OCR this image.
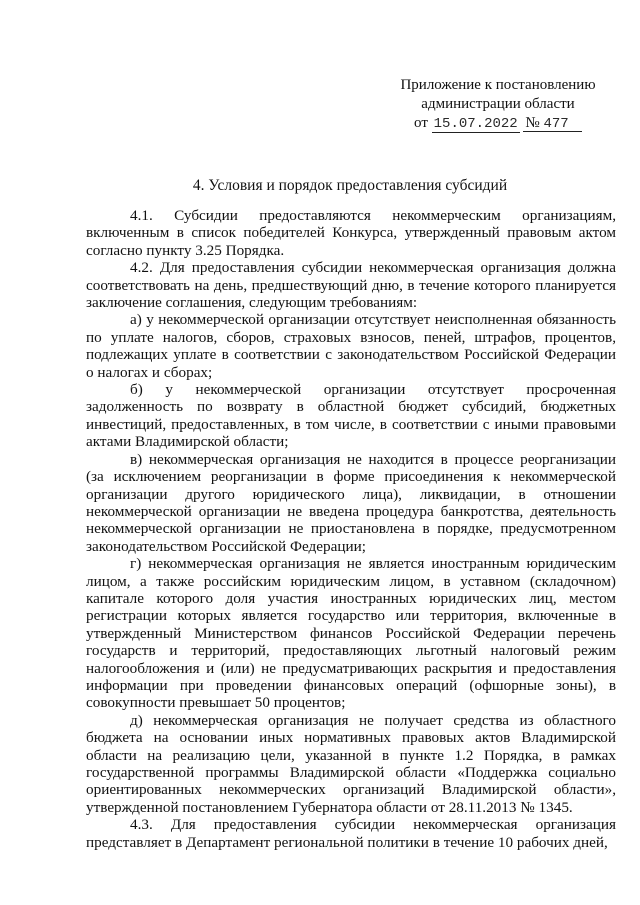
Приложение к постановлению
администрации области
от 15.07.2022 № 477
4. Условия и порядок предоставления субсидий

4.1. Субсидии предоставляются некоммерческим организациям, включенным в список победителей Конкурса, утвержденный правовым актом согласно пункту 3.25 Порядка.

4.2. Для предоставления субсидии некоммерческая организация должна соответствовать на день, предшествующий дню, в течение которого планируется заключение соглашения, следующим требованиям:

а) у некоммерческой организации отсутствует неисполненная обязанность по уплате налогов, сборов, страховых взносов, пеней, штрафов, процентов, подлежащих уплате в соответствии с законодательством Российской Федерации о налогах и сборах;

б) у некоммерческой организации отсутствует просроченная задолженность по возврату в областной бюджет субсидий, бюджетных инвестиций, предоставленных, в том числе, в соответствии с иными правовыми актами Владимирской области;

в) некоммерческая организация не находится в процессе реорганизации (за исключением реорганизации в форме присоединения к некоммерческой организации другого юридического лица), ликвидации, в отношении некоммерческой организации не введена процедура банкротства, деятельность некоммерческой организации не приостановлена в порядке, предусмотренном законодательством Российской Федерации;

г) некоммерческая организация не является иностранным юридическим лицом, а также российским юридическим лицом, в уставном (складочном) капитале которого доля участия иностранных юридических лиц, местом регистрации которых является государство или территория, включенные в утвержденный Министерством финансов Российской Федерации перечень государств и территорий, предоставляющих льготный налоговый режим налогообложения и (или) не предусматривающих раскрытия и предоставления информации при проведении финансовых операций (офшорные зоны), в совокупности превышает 50 процентов;

д) некоммерческая организация не получает средства из областного бюджета на основании иных нормативных правовых актов Владимирской области на реализацию цели, указанной в пункте 1.2 Порядка, в рамках государственной программы Владимирской области «Поддержка социально ориентированных некоммерческих организаций Владимирской области», утвержденной постановлением Губернатора области от 28.11.2013 № 1345.

4.3. Для предоставления субсидии некоммерческая организация представляет в Департамент региональной политики в течение 10 рабочих дней,
